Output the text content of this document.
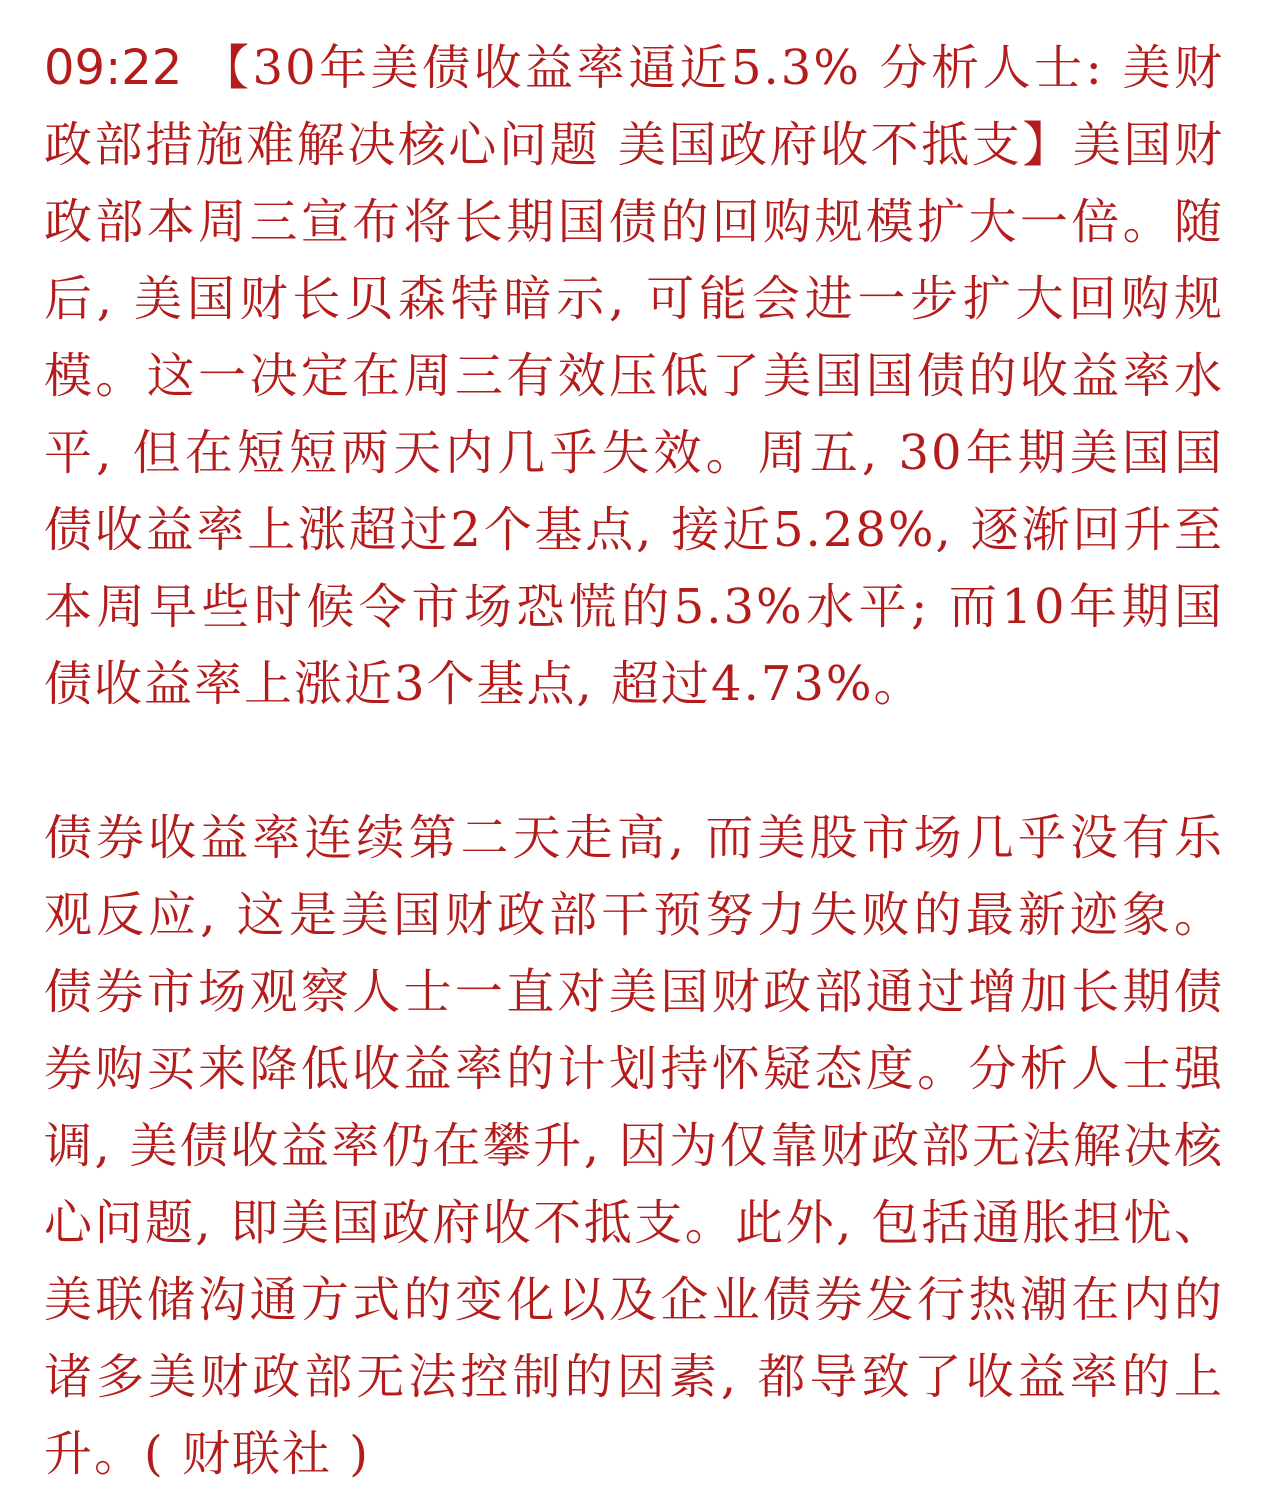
09:22 【30年美债收益率逼近5.3% 分析人士: 美财政部措施难解决核心问题 美国政府收不抵支】美国财政部本周三宣布将长期国债的回购规模扩大一倍。随后, 美国财长贝森特暗示, 可能会进一步扩大回购规模。这一决定在周三有效压低了美国国债的收益率水平, 但在短短两天内几乎失效。周五, 30年期美国国债收益率上涨超过2个基点, 接近5.28%, 逐渐回升至本周早些时候令市场恐慌的5.3%水平; 而10年期国债收益率上涨近3个基点, 超过4.73%。

债券收益率连续第二天走高, 而美股市场几乎没有乐观反应, 这是美国财政部干预努力失败的最新迹象。债券市场观察人士一直对美国财政部通过增加长期债券购买来降低收益率的计划持怀疑态度。分析人士强调, 美债收益率仍在攀升, 因为仅靠财政部无法解决核心问题, 即美国政府收不抵支。此外, 包括通胀担忧、美联储沟通方式的变化以及企业债券发行热潮在内的诸多美财政部无法控制的因素, 都导致了收益率的上升。( 财联社 )
